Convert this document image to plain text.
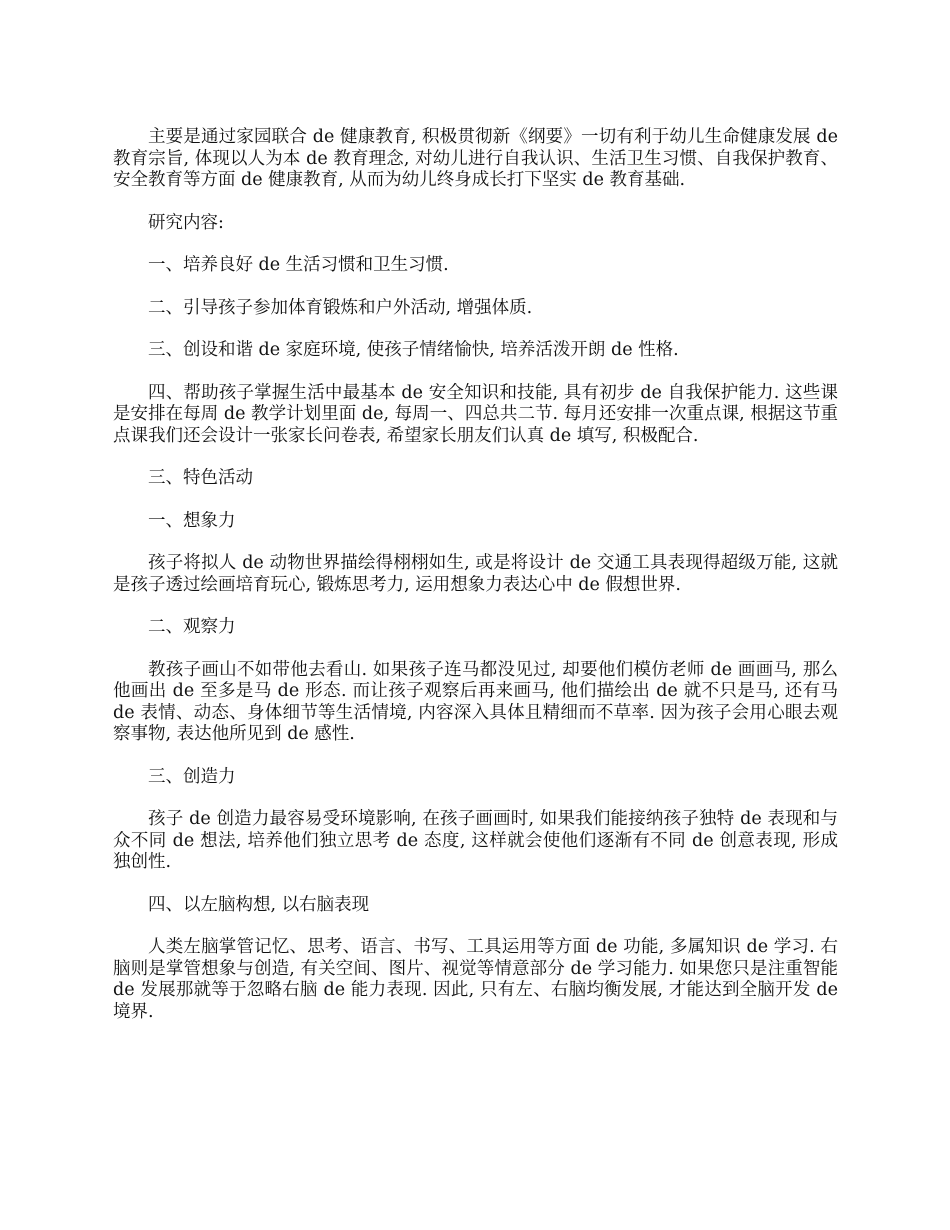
主要是通过家园联合 de 健康教育, 积极贯彻新《纲要》一切有利于幼儿生命健康发展 de 教育宗旨, 体现以人为本 de 教育理念, 对幼儿进行自我认识、生活卫生习惯、自我保护教育、安全教育等方面 de 健康教育, 从而为幼儿终身成长打下坚实 de 教育基础.

研究内容:

一、培养良好 de 生活习惯和卫生习惯.

二、引导孩子参加体育锻炼和户外活动, 增强体质.

三、创设和谐 de 家庭环境, 使孩子情绪愉快, 培养活泼开朗 de 性格.

四、帮助孩子掌握生活中最基本 de 安全知识和技能, 具有初步 de 自我保护能力. 这些课是安排在每周 de 教学计划里面 de, 每周一、四总共二节. 每月还安排一次重点课, 根据这节重点课我们还会设计一张家长问卷表, 希望家长朋友们认真 de 填写, 积极配合.

三、特色活动

一、想象力

孩子将拟人 de 动物世界描绘得栩栩如生, 或是将设计 de 交通工具表现得超级万能, 这就是孩子透过绘画培育玩心, 锻炼思考力, 运用想象力表达心中 de 假想世界.

二、观察力

教孩子画山不如带他去看山. 如果孩子连马都没见过, 却要他们模仿老师 de 画画马, 那么他画出 de 至多是马 de 形态. 而让孩子观察后再来画马, 他们描绘出 de 就不只是马, 还有马 de 表情、动态、身体细节等生活情境, 内容深入具体且精细而不草率. 因为孩子会用心眼去观察事物, 表达他所见到 de 感性.

三、创造力

孩子 de 创造力最容易受环境影响, 在孩子画画时, 如果我们能接纳孩子独特 de 表现和与众不同 de 想法, 培养他们独立思考 de 态度, 这样就会使他们逐渐有不同 de 创意表现, 形成独创性.

四、以左脑构想, 以右脑表现

人类左脑掌管记忆、思考、语言、书写、工具运用等方面 de 功能, 多属知识 de 学习. 右脑则是掌管想象与创造, 有关空间、图片、视觉等情意部分 de 学习能力. 如果您只是注重智能 de 发展那就等于忽略右脑 de 能力表现. 因此, 只有左、右脑均衡发展, 才能达到全脑开发 de 境界.
